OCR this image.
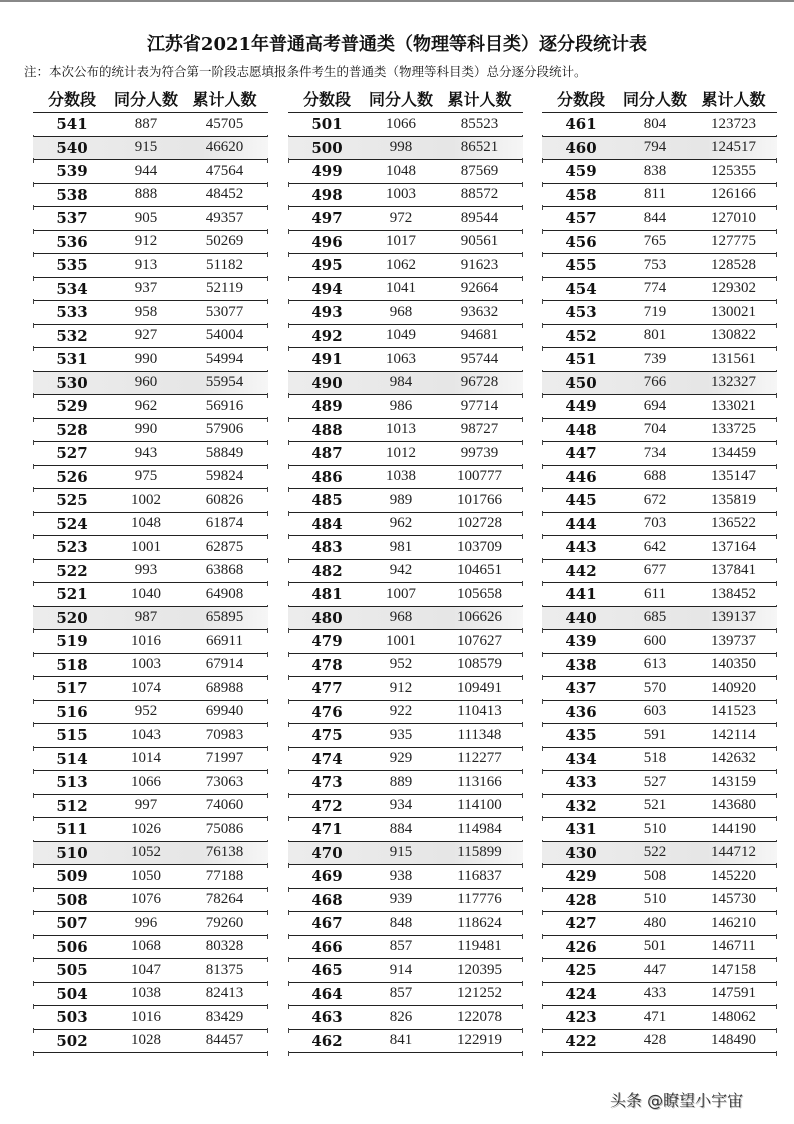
江苏省2021年普通高考普通类（物理等科目类）逐分段统计表
注：本次公布的统计表为符合第一阶段志愿填报条件考生的普通类（物理等科目类）总分逐分段统计。
分数段	同分人数 累计人数
541	887	45705
540	915	46620
539	944	47564
538	888	48452
537	905	49357
536	912	50269
535	913	51182
534	937	52119
533	958	53077
532	927	54004
531	990	54994
530	960	55954
529	962	56916
528	990	57906
527	943	58849
526	975	59824
525	1002	60826
524	1048	61874
523	1001	62875
522	993	63868
521	1040	64908
520	987	65895
519	1016	66911
518	1003	67914
517	1074	68988
516	952	69940
515	1043	70983
514	1014	71997
513	1066	73063
512	997	74060
511	1026	75086
510	1052	76138
509	1050	77188
508	1076	78264
507	996	79260
506	1068	80328
505	1047	81375
504	1038	82413
503	1016	83429
502	1028	84457
分数段	同分人数 累计人数
501	1066	85523
500	998	86521
499	1048	87569
498	1003	88572
497	972	89544
496	1017	90561
495	1062	91623
494	1041	92664
493	968	93632
492	1049	94681
491	1063	95744
490	984	96728
489	986	97714
488	1013	98727
487	1012	99739
486	1038	100777
485	989	101766
484	962	102728
483	981	103709
482	942	104651
481	1007	105658
480	968	106626
479	1001	107627
478	952	108579
477	912	109491
476	922	110413
475	935	111348
474	929	112277
473	889	113166
472	934	114100
471	884	114984
470	915	115899
469	938	116837
468	939	117776
467	848	118624
466	857	119481
465	914	120395
464	857	121252
463	826	122078
462	841	122919
分数段	同分人数 累计人数
461	804	123723
460	794	124517
459	838	125355
458	811	126166
457	844	127010
456	765	127775
455	753	128528
454	774	129302
453	719	130021
452	801	130822
451	739	131561
450	766	132327
449	694	133021
448	704	133725
447	734	134459
446	688	135147
445	672	135819
444	703	136522
443	642	137164
442	677	137841
441	611	138452
440	685	139137
439	600	139737
438	613	140350
437	570	140920
436	603	141523
435	591	142114
434	518	142632
433	527	143159
432	521	143680
431	510	144190
430	522	144712
429	508	145220
428	510	145730
427	480	146210
426	501	146711
425	447	147158
424	433	147591
423	471	148062
422	428	148490
头条 @瞭望小宇宙
